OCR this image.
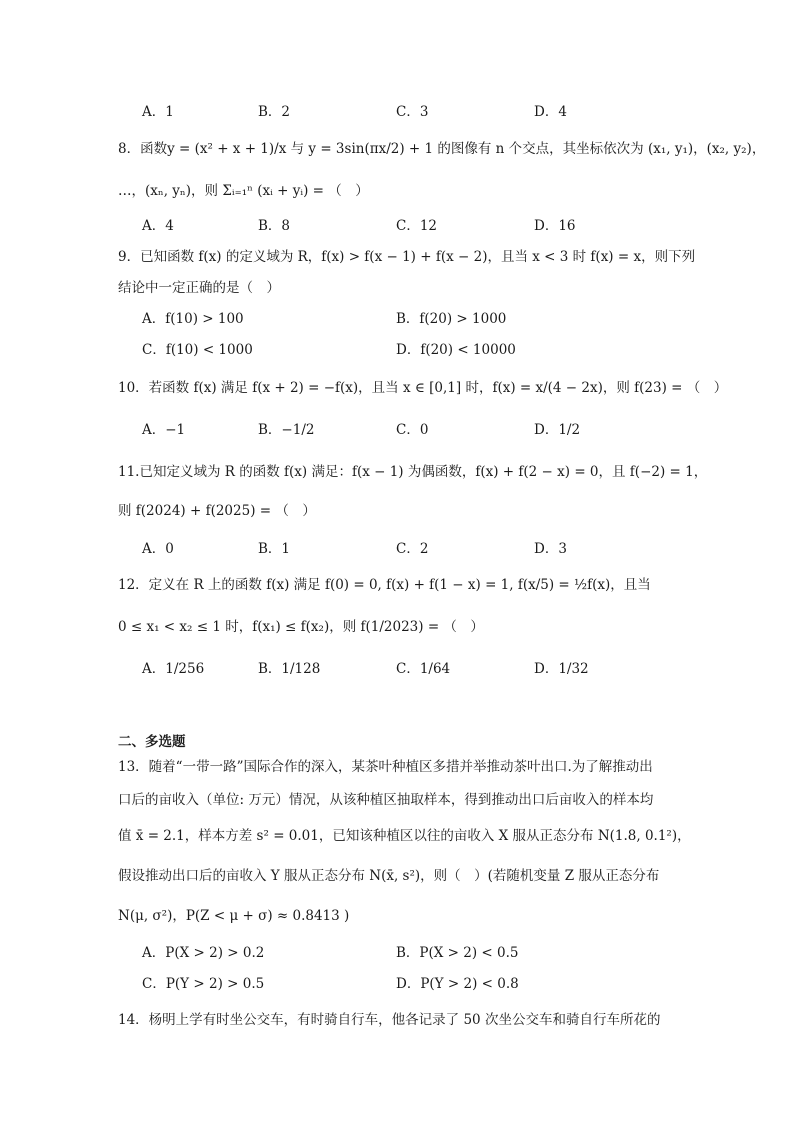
A．1	B．2	C．3	D．4
8．函数y = (x² + x + 1)/x 与 y = 3sin(πx/2) + 1 的图像有 n 个交点，其坐标依次为 (x₁, y₁)，(x₂, y₂)，
…，(xₙ, yₙ)，则 Σᵢ₌₁ⁿ (xᵢ + yᵢ) = （　）
A．4	B．8	C．12	D．16
9．已知函数 f(x) 的定义域为 R，f(x) > f(x − 1) + f(x − 2)，且当 x < 3 时 f(x) = x，则下列
结论中一定正确的是（　）
A．f(10) > 100	B．f(20) > 1000
C．f(10) < 1000	D．f(20) < 10000
10．若函数 f(x) 满足 f(x + 2) = −f(x)，且当 x ∈ [0,1] 时，f(x) = x/(4 − 2x)，则 f(23) = （　）
A．−1	B．−1/2	C．0	D．1/2
11.已知定义域为 R 的函数 f(x) 满足：f(x − 1) 为偶函数，f(x) + f(2 − x) = 0，且 f(−2) = 1，
则 f(2024) + f(2025) = （　）
A．0	B．1	C．2	D．3
12．定义在 R 上的函数 f(x) 满足 f(0) = 0, f(x) + f(1 − x) = 1, f(x/5) = ½f(x)，且当
0 ≤ x₁ < x₂ ≤ 1 时，f(x₁) ≤ f(x₂)，则 f(1/2023) = （　）
A．1/256	B．1/128	C．1/64	D．1/32
二、多选题
13．随着“一带一路”国际合作的深入，某茶叶种植区多措并举推动茶叶出口.为了解推动出
口后的亩收入（单位: 万元）情况，从该种植区抽取样本，得到推动出口后亩收入的样本均
值 x̄ = 2.1，样本方差 s² = 0.01，已知该种植区以往的亩收入 X 服从正态分布 N(1.8, 0.1²)，
假设推动出口后的亩收入 Y 服从正态分布 N(x̄, s²)，则（　）(若随机变量 Z 服从正态分布
N(μ, σ²)，P(Z < μ + σ) ≈ 0.8413 )
A．P(X > 2) > 0.2	B．P(X > 2) < 0.5
C．P(Y > 2) > 0.5	D．P(Y > 2) < 0.8
14．杨明上学有时坐公交车，有时骑自行车，他各记录了 50 次坐公交车和骑自行车所花的
